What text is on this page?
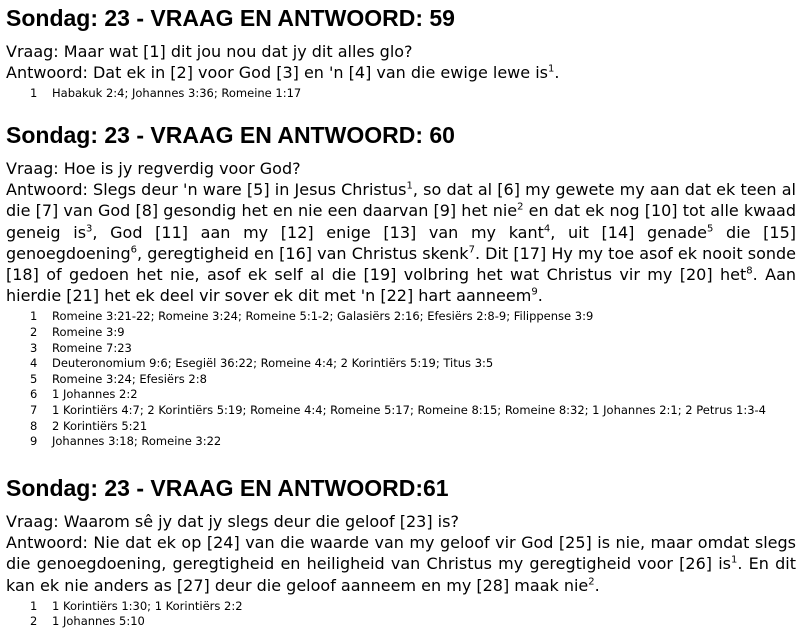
Sondag: 23 - VRAAG EN ANTWOORD: 59

Vraag: Maar wat [1] dit jou nou dat jy dit alles glo?

Antwoord: Dat ek in [2] voor God [3] en 'n [4] van die ewige lewe $is^1$.

1	Habakuk 2:4; Johannes 3:36; Romeine 1:17
Sondag: 23 - VRAAG EN ANTWOORD: 60

Vraag: Hoe is jy regverdig voor God?

Antwoord: Slegs deur 'n ware [5] in Jesus Christus$^1$, so dat al [6] my gewete my aan dat ek teen al die [7] van God [8] gesondig het en nie een daarvan [9] het nie$^2$ en dat ek nog [10] tot alle kwaad geneig $is^3$, God [11] aan my [12] enige [13] van my kant$^4$, uit [14] genade$^5$ die [15] genoegdoening$^6$, geregtigheid en [16] van Christus skenk$^7$. Dit [17] Hy my toe asof ek nooit sonde [18] of gedoen het nie, asof ek self al die [19] volbring het wat Christus vir my [20] het$^8$. Aan hierdie [21] het ek deel vir sover ek dit met 'n [22] hart aanneem$^9$.

1	Romeine 3:21-22; Romeine 3:24; Romeine 5:1-2; Galasiërs 2:16; Efesiërs 2:8-9; Filippense 3:9
2	Romeine 3:9
3	Romeine 7:23
4	Deuteronomium 9:6; Esegiël 36:22; Romeine 4:4; 2 Korintiërs 5:19; Titus 3:5
5	Romeine 3:24; Efesiërs 2:8
6	1 Johannes 2:2
7	1 Korintiërs 4:7; 2 Korintiërs 5:19; Romeine 4:4; Romeine 5:17; Romeine 8:15; Romeine 8:32; 1 Johannes 2:1; 2 Petrus 1:3-4
8	2 Korintiërs 5:21
9	Johannes 3:18; Romeine 3:22
Sondag: 23 - VRAAG EN ANTWOORD:61

Vraag: Waarom sê jy dat jy slegs deur die geloof [23] is?

Antwoord: Nie dat ek op [24] van die waarde van my geloof vir God [25] is nie, maar omdat slegs die genoegdoening, geregtigheid en heiligheid van Christus my geregtigheid voor [26] $is^1$. En dit kan ek nie anders as [27] deur die geloof aanneem en my [28] maak nie$^2$.

1	1 Korintiërs 1:30; 1 Korintiërs 2:2
2	1 Johannes 5:10
